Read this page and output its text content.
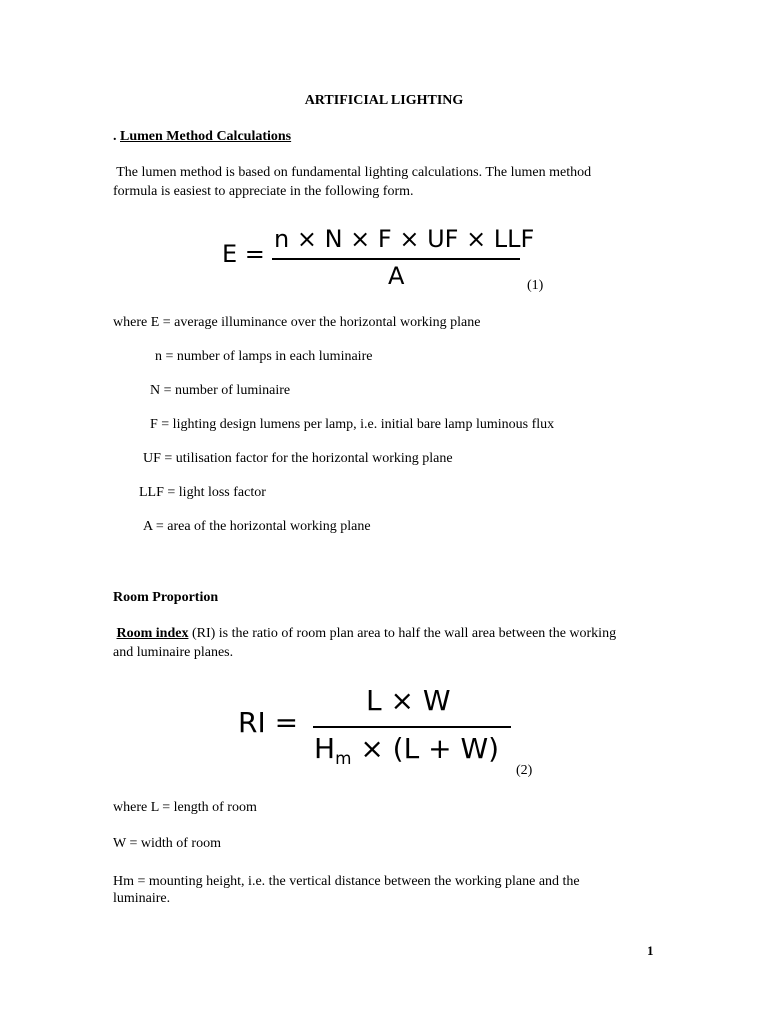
ARTIFICIAL LIGHTING
. Lumen Method Calculations
The lumen method is based on fundamental lighting calculations. The lumen method
formula is easiest to appreciate in the following form.
E =
n × N × F × UF × LLF
A	(1)
where E = average illuminance over the horizontal working plane
n = number of lamps in each luminaire
N = number of luminaire
F = lighting design lumens per lamp, i.e. initial bare lamp luminous flux
UF = utilisation factor for the horizontal working plane
LLF = light loss factor
A = area of the horizontal working plane
Room Proportion
Room index (RI) is the ratio of room plan area to half the wall area between the working
and luminaire planes.
RI =
L × W
$H_m \times (L + W)$
(2)
where L = length of room
W = width of room
Hm = mounting height, i.e. the vertical distance between the working plane and the
luminaire.
1
